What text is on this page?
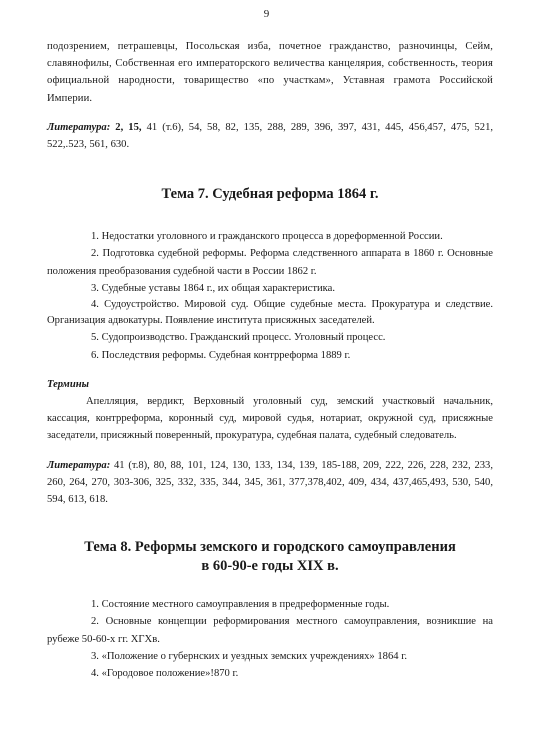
9

подозрением, петрашевцы, Посольская изба, почетное гражданство, разночинцы, Сейм, славянофилы, Собственная его императорского величества канцелярия, собственность, теория официальной народности, товарищество «по участкам», Уставная грамота Российской Империи.

Литература: 2, 15, 41 (т.6), 54, 58, 82, 135, 288, 289, 396, 397, 431, 445, 456,457, 475, 521, 522,.523, 561, 630.

Тема 7. Судебная реформа 1864 г.

1. Недостатки уголовного и гражданского процесса в дореформенной России.

2. Подготовка судебной реформы. Реформа следственного аппарата в 1860 г. Основные положения преобразования судебной части в России 1862 г.

3. Судебные уставы 1864 г., их общая характеристика.

4. Судоустройство. Мировой суд. Общие судебные места. Прокуратура и следствие. Организация адвокатуры. Появление института присяжных заседателей.

5. Судопроизводство. Гражданский процесс. Уголовный процесс.

6. Последствия реформы. Судебная контрреформа 1889 г.

Термины

Апелляция, вердикт, Верховный уголовный суд, земский участковый начальник, кассация, контрреформа, коронный суд, мировой судья, нотариат, окружной суд, присяжные заседатели, присяжный поверенный, прокуратура, судебная палата, судебный следователь.

Литература: 41 (т.8), 80, 88, 101, 124, 130, 133, 134, 139, 185-188, 209, 222, 226, 228, 232, 233, 260, 264, 270, 303-306, 325, 332, 335, 344, 345, 361, 377,378,402, 409, 434, 437,465,493, 530, 540, 594, 613, 618.

Тема 8. Реформы земского и городского самоуправления
в 60-90-е годы XIX в.

1. Состояние местного самоуправления в предреформенные годы.

2. Основные концепции реформирования местного самоуправления, возникшие на рубеже 50-60-х гг. XГXв.

3. «Положение о губернских и уездных земских учреждениях» 1864 г.

4. «Городовое положение»!870 г.
